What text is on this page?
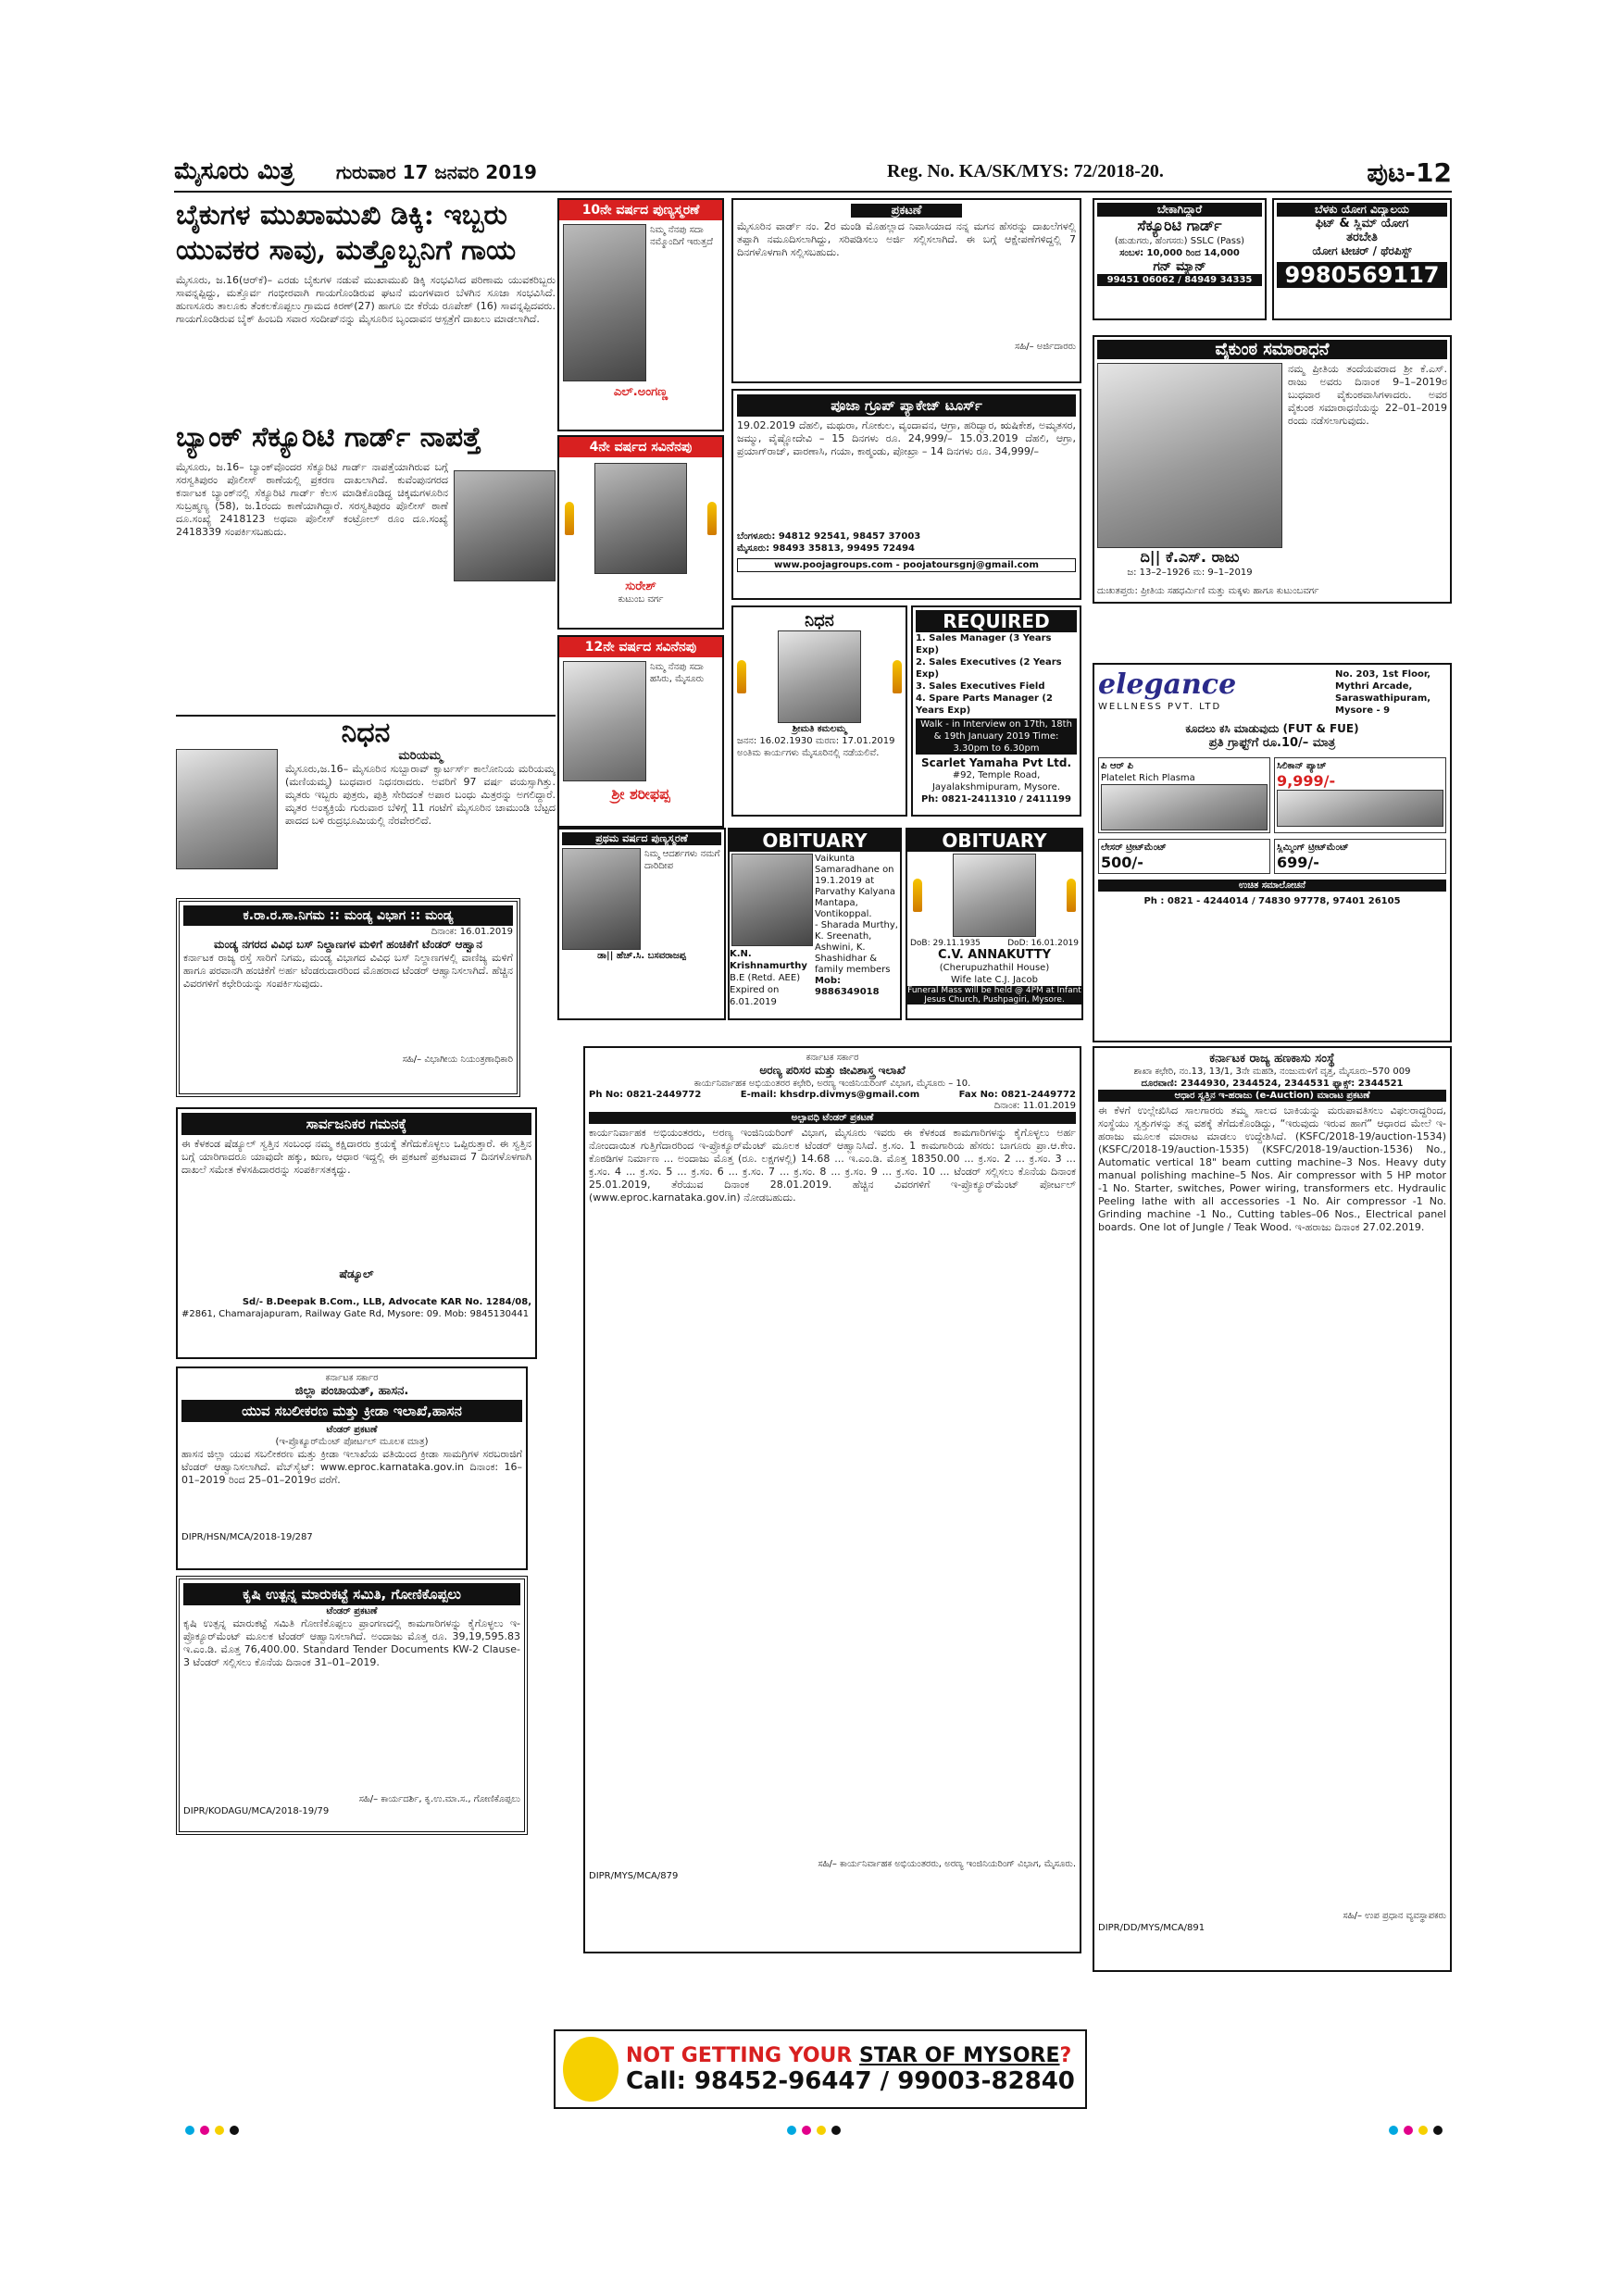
ಮೈಸೂರು ಮಿತ್ರ ಗುರುವಾರ 17 ಜನವರಿ 2019	Reg. No. KA/SK/MYS: 72/2018-20.	ಪುಟ-12
ಬೈಕುಗಳ ಮುಖಾಮುಖಿ ಡಿಕ್ಕಿ: ಇಬ್ಬರು ಯುವಕರ ಸಾವು, ಮತ್ತೊಬ್ಬನಿಗೆ ಗಾಯ
ಮೈಸೂರು, ಜ.16(ಆರ್‌ಕೆ)– ಎರಡು ಬೈಕುಗಳ ನಡುವೆ ಮುಖಾಮುಖಿ ಡಿಕ್ಕಿ ಸಂಭವಿಸಿದ ಪರಿಣಾಮ ಯುವಕರಿಬ್ಬರು ಸಾವನ್ನಪ್ಪಿದ್ದು, ಮತ್ತೊರ್ವ ಗಂಭೀರವಾಗಿ ಗಾಯಗೊಂಡಿರುವ ಘಟನೆ ಮಂಗಳವಾರ ಬೆಳಗಿನ ಸೂಜಾ ಸಂಭವಿಸಿದೆ. ಹುಣಸೂರು ತಾಲೂಕು ತೆಂಕಲಕೊಪ್ಪಲು ಗ್ರಾಮದ ಕಿರಣ್(27) ಹಾಗೂ ಬೀ ಕೆರೆಯ ರೂಪೇಶ್ (16) ಸಾವನ್ನಪ್ಪಿದವರು. ಗಾಯಗೊಂಡಿರುವ ಬೈಕ್ ಹಿಂಬದಿ ಸವಾರ ಸಂದೀಪ್‌ನನ್ನು ಮೈಸೂರಿನ ಬೃಂದಾವನ ಆಸ್ಪತ್ರೆಗೆ ದಾಖಲು ಮಾಡಲಾಗಿದೆ.
ಬ್ಯಾಂಕ್ ಸೆಕ್ಯೂರಿಟಿ ಗಾರ್ಡ್ ನಾಪತ್ತೆ
ಮೈಸೂರು, ಜ.16– ಬ್ಯಾಂಕ್‌ವೊಂದರ ಸೆಕ್ಯೂರಿಟಿ ಗಾರ್ಡ್ ನಾಪತ್ತೆಯಾಗಿರುವ ಬಗ್ಗೆ ಸರಸ್ವತಿಪುರಂ ಪೊಲೀಸ್ ಠಾಣೆಯಲ್ಲಿ ಪ್ರಕರಣ ದಾಖಲಾಗಿದೆ. ಕುವೆಂಪುನಗರದ ಕರ್ನಾಟಕ ಬ್ಯಾಂಕ್‌ನಲ್ಲಿ ಸೆಕ್ಯೂರಿಟಿ ಗಾರ್ಡ್ ಕೆಲಸ ಮಾಡಿಕೊಂಡಿದ್ದ ಚಿಕ್ಕಮಗಳೂರಿನ ಸುಬ್ರಹ್ಮಣ್ಯ (58), ಜ.1ರಂದು ಕಾಣೆಯಾಗಿದ್ದಾರೆ. ಸರಸ್ವತಿಪುರಂ ಪೊಲೀಸ್ ಠಾಣೆ ದೂ.ಸಂಖ್ಯೆ 2418123 ಅಥವಾ ಪೊಲೀಸ್ ಕಂಟ್ರೋಲ್ ರೂಂ ದೂ.ಸಂಖ್ಯೆ 2418339 ಸಂಪರ್ಕಿಸಬಹುದು.
ನಿಧನ
ಮರಿಯಮ್ಮ
ಮೈಸೂರು,ಜ.16– ಮೈಸೂರಿನ ಸುಬ್ಬಾರಾವ್ ಕ್ವಾರ್ಟರ್ಸ್ ಕಾಲೋನಿಯ ಮರಿಯಮ್ಮ (ಮಣಿಯಮ್ಮ) ಬುಧವಾರ ನಿಧನರಾದರು. ಅವರಿಗೆ 97 ವರ್ಷ ವಯಸ್ಸಾಗಿತ್ತು. ಮೃತರು ಇಬ್ಬರು ಪುತ್ರರು, ಪುತ್ರಿ ಸೇರಿದಂತೆ ಅಪಾರ ಬಂಧು ಮಿತ್ರರನ್ನು ಅಗಲಿದ್ದಾರೆ. ಮೃತರ ಅಂತ್ಯಕ್ರಿಯೆ ಗುರುವಾರ ಬೆಳಿಗ್ಗೆ 11 ಗಂಟೆಗೆ ಮೈಸೂರಿನ ಚಾಮುಂಡಿ ಬೆಟ್ಟದ ಪಾದದ ಬಳಿ ರುದ್ರಭೂಮಿಯಲ್ಲಿ ನೆರವೇರಲಿದೆ.
10ನೇ ವರ್ಷದ ಪುಣ್ಯಸ್ಮರಣೆ
ನಿಮ್ಮ ನೆನಪು ಸದಾ ನಮ್ಮೊಂದಿಗೆ ಇರುತ್ತದೆ
ಎಲ್.ಅಂಗಣ್ಣ
4ನೇ ವರ್ಷದ ಸವಿನೆನಪು
ಸುರೇಶ್
ಕುಟುಂಬ ವರ್ಗ
12ನೇ ವರ್ಷದ ಸವಿನೆನಪು
ನಿಮ್ಮ ನೆನಪು ಸದಾ ಹಸಿರು, ಮೈಸೂರು
ಶ್ರೀ ಶರೀಫಪ್ಪ
ಕ.ರಾ.ರ.ಸಾ.ನಿಗಮ :: ಮಂಡ್ಯ ವಿಭಾಗ :: ಮಂಡ್ಯ
ದಿನಾಂಕ: 16.01.2019
ಮಂಡ್ಯ ನಗರದ ವಿವಿಧ ಬಸ್ ನಿಲ್ದಾಣಗಳ ಮಳಿಗೆ ಹಂಚಿಕೆಗೆ ಟೆಂಡರ್ ಆಹ್ವಾನ
ಕರ್ನಾಟಕ ರಾಜ್ಯ ರಸ್ತೆ ಸಾರಿಗೆ ನಿಗಮ, ಮಂಡ್ಯ ವಿಭಾಗದ ವಿವಿಧ ಬಸ್ ನಿಲ್ದಾಣಗಳಲ್ಲಿ ವಾಣಿಜ್ಯ ಮಳಿಗೆ ಹಾಗೂ ಪರವಾನಗಿ ಹಂಚಿಕೆಗೆ ಅರ್ಹ ಟೆಂಡರುದಾರರಿಂದ ಮೊಹರಾದ ಟೆಂಡರ್ ಆಹ್ವಾನಿಸಲಾಗಿದೆ. ಹೆಚ್ಚಿನ ವಿವರಗಳಿಗೆ ಕಛೇರಿಯನ್ನು ಸಂಪರ್ಕಿಸುವುದು.
ಸಹಿ/– ವಿಭಾಗೀಯ ನಿಯಂತ್ರಣಾಧಿಕಾರಿ
ಸಾರ್ವಜನಿಕರ ಗಮನಕ್ಕೆ
ಈ ಕೆಳಕಂಡ ಷೆಡ್ಯೂಲ್ ಸ್ವತ್ತಿನ ಸಂಬಂಧ ನಮ್ಮ ಕಕ್ಷಿದಾರರು ಕ್ರಯಕ್ಕೆ ತೆಗೆದುಕೊಳ್ಳಲು ಒಪ್ಪಿರುತ್ತಾರೆ. ಈ ಸ್ವತ್ತಿನ ಬಗ್ಗೆ ಯಾರಿಗಾದರೂ ಯಾವುದೇ ಹಕ್ಕು, ಋಣ, ಆಧಾರ ಇದ್ದಲ್ಲಿ ಈ ಪ್ರಕಟಣೆ ಪ್ರಕಟವಾದ 7 ದಿನಗಳೊಳಗಾಗಿ ದಾಖಲೆ ಸಮೇತ ಕೆಳಸಹಿದಾರರನ್ನು ಸಂಪರ್ಕಿಸತಕ್ಕದ್ದು.
ಷೆಡ್ಯೂಲ್
Sd/- B.Deepak B.Com., LLB, Advocate KAR No. 1284/08,
#2861, Chamarajapuram, Railway Gate Rd, Mysore: 09. Mob: 9845130441
ಕರ್ನಾಟಕ ಸರ್ಕಾರ
ಜಿಲ್ಲಾ ಪಂಚಾಯತ್, ಹಾಸನ.
ಯುವ ಸಬಲೀಕರಣ ಮತ್ತು ಕ್ರೀಡಾ ಇಲಾಖೆ,ಹಾಸನ
ಟೆಂಡರ್ ಪ್ರಕಟಣೆ
(ಇ-ಪ್ರೊಕ್ಯೂರ್‌ಮೆಂಟ್ ಪೋರ್ಟಲ್ ಮೂಲಕ ಮಾತ್ರ)
ಹಾಸನ ಜಿಲ್ಲಾ ಯುವ ಸಬಲೀಕರಣ ಮತ್ತು ಕ್ರೀಡಾ ಇಲಾಖೆಯ ವತಿಯಿಂದ ಕ್ರೀಡಾ ಸಾಮಗ್ರಿಗಳ ಸರಬರಾಜಿಗೆ ಟೆಂಡರ್ ಆಹ್ವಾನಿಸಲಾಗಿದೆ. ವೆಬ್‌ಸೈಟ್: www.eproc.karnataka.gov.in ದಿನಾಂಕ: 16–01–2019 ರಿಂದ 25–01–2019ರ ವರೆಗೆ.
DIPR/HSN/MCA/2018-19/287
ಕೃಷಿ ಉತ್ಪನ್ನ ಮಾರುಕಟ್ಟೆ ಸಮಿತಿ, ಗೋಣಿಕೊಪ್ಪಲು
ಟೆಂಡರ್ ಪ್ರಕಟಣೆ
ಕೃಷಿ ಉತ್ಪನ್ನ ಮಾರುಕಟ್ಟೆ ಸಮಿತಿ ಗೋಣಿಕೊಪ್ಪಲು ಪ್ರಾಂಗಣದಲ್ಲಿ ಕಾಮಗಾರಿಗಳನ್ನು ಕೈಗೊಳ್ಳಲು ಇ-ಪ್ರೊಕ್ಯೂರ್‌ಮೆಂಟ್ ಮೂಲಕ ಟೆಂಡರ್ ಆಹ್ವಾನಿಸಲಾಗಿದೆ. ಅಂದಾಜು ಮೊತ್ತ ರೂ. 39,19,595.83 ಇ.ಎಂ.ಡಿ. ಮೊತ್ತ 76,400.00. Standard Tender Documents KW-2 Clause-3 ಟೆಂಡರ್ ಸಲ್ಲಿಸಲು ಕೊನೆಯ ದಿನಾಂಕ 31–01–2019.
ಸಹಿ/– ಕಾರ್ಯದರ್ಶಿ, ಕೃ.ಉ.ಮಾ.ಸ., ಗೋಣಿಕೊಪ್ಪಲು
DIPR/KODAGU/MCA/2018-19/79
ಪ್ರಕಟಣೆ
ಮೈಸೂರಿನ ವಾರ್ಡ್ ನಂ. 2ರ ಮಂಡಿ ಮೊಹಲ್ಲಾದ ನಿವಾಸಿಯಾದ ನನ್ನ ಮಗನ ಹೆಸರನ್ನು ದಾಖಲೆಗಳಲ್ಲಿ ತಪ್ಪಾಗಿ ನಮೂದಿಸಲಾಗಿದ್ದು, ಸರಿಪಡಿಸಲು ಅರ್ಜಿ ಸಲ್ಲಿಸಲಾಗಿದೆ. ಈ ಬಗ್ಗೆ ಆಕ್ಷೇಪಣೆಗಳಿದ್ದಲ್ಲಿ 7 ದಿನಗಳೊಳಗಾಗಿ ಸಲ್ಲಿಸಬಹುದು.
ಸಹಿ/– ಅರ್ಜಿದಾರರು
ಪೂಜಾ ಗ್ರೂಪ್ ಪ್ಯಾಕೇಜ್ ಟೂರ್ಸ್
19.02.2019 ದೆಹಲಿ, ಮಥುರಾ, ಗೋಕುಲ, ವೃಂದಾವನ, ಆಗ್ರಾ, ಹರಿದ್ವಾರ, ಋಷಿಕೇಶ, ಅಮೃತಸರ, ಜಮ್ಮು, ವೈಷ್ಣೋದೇವಿ – 15 ದಿನಗಳು ರೂ. 24,999/– 15.03.2019 ದೆಹಲಿ, ಆಗ್ರಾ, ಪ್ರಯಾಗ್‌ರಾಜ್, ವಾರಣಾಸಿ, ಗಯಾ, ಕಾಠ್ಮಂಡು, ಪೋಖ್ರಾ – 14 ದಿನಗಳು ರೂ. 34,999/–
ಬೆಂಗಳೂರು: 94812 92541, 98457 37003
ಮೈಸೂರು: 98493 35813, 99495 72494
www.poojagroups.com - poojatoursgnj@gmail.com
ನಿಧನ
ಶ್ರೀಮತಿ ಕಮಲಮ್ಮ
ಜನನ: 16.02.1930 ಮರಣ: 17.01.2019 ಅಂತಿಮ ಕಾರ್ಯಗಳು ಮೈಸೂರಿನಲ್ಲಿ ನಡೆಯಲಿವೆ.
REQUIRED
1. Sales Manager (3 Years Exp)
2. Sales Executives (2 Years Exp)
3. Sales Executives Field
4. Spare Parts Manager (2 Years Exp)
Walk - in Interview on 17th, 18th & 19th January 2019 Time: 3.30pm to 6.30pm
Scarlet Yamaha Pvt Ltd.
#92, Temple Road, Jayalakshmipuram, Mysore.
Ph: 0821-2411310 / 2411199
ಪ್ರಥಮ ವರ್ಷದ ಪುಣ್ಯಸ್ಮರಣೆ
ನಿಮ್ಮ ಆದರ್ಶಗಳು ನಮಗೆ ದಾರಿದೀಪ
ಡಾ|| ಹೆಚ್.ಸಿ. ಬಸವರಾಜಪ್ಪ
OBITUARY
K.N. Krishnamurthy
B.E (Retd. AEE)
Expired on 6.01.2019
Vaikunta Samaradhane on 19.1.2019 at Parvathy Kalyana Mantapa, Vontikoppal.
- Sharada Murthy, K. Sreenath, Ashwini, K. Shashidhar & family members
Mob: 9886349018
OBITUARY
DoB: 29.11.1935	DoD: 16.01.2019
C.V. ANNAKUTTY
(Cherupuzhathil House)
Wife late C.J. Jacob
Funeral Mass will be held @ 4PM at Infant Jesus Church, Pushpagiri, Mysore.
ಬೇಕಾಗಿದ್ದಾರೆ
ಸೆಕ್ಯೂರಿಟಿ ಗಾರ್ಡ್
(ಹುಡುಗರು, ಹೆಂಗಸರು) SSLC (Pass)
ಸಂಬಳ: 10,000 ರಿಂದ 14,000
ಗನ್ ಮ್ಯಾನ್
99451 06062 / 84949 34335
ಬೆಳಕು ಯೋಗ ವಿದ್ಯಾಲಯ
ಫಿಟ್ & ಸ್ಲಿಮ್ ಯೋಗ
ತರಬೇತಿ
ಯೋಗ ಟೀಚರ್ / ಥೆರಪಿಸ್ಟ್
9980569117
ವೈಕುಂಠ ಸಮಾರಾಧನೆ
ದಿ|| ಕೆ.ಎಸ್. ರಾಜು
ಜ: 13–2–1926 ಮ: 9–1–2019
ನಮ್ಮ ಪ್ರೀತಿಯ ತಂದೆಯವರಾದ ಶ್ರೀ ಕೆ.ಎಸ್. ರಾಜು ಅವರು ದಿನಾಂಕ 9–1–2019ರ ಬುಧವಾರ ವೈಕುಂಠವಾಸಿಗಳಾದರು. ಅವರ ವೈಕುಂಠ ಸಮಾರಾಧನೆಯನ್ನು 22–01–2019 ರಂದು ನಡೆಸಲಾಗುವುದು.
ದುಃಖತಪ್ತರು: ಪ್ರೀತಿಯ ಸಹಧರ್ಮಿಣಿ ಮತ್ತು ಮಕ್ಕಳು ಹಾಗೂ ಕುಟುಂಬವರ್ಗ
elegance
WELLNESS PVT. LTD
No. 203, 1st Floor, Mythri Arcade, Saraswathipuram, Mysore - 9
ಕೂದಲು ಕಸಿ ಮಾಡುವುದು (FUT & FUE)
ಪ್ರತಿ ಗ್ರಾಫ್ಟ್‌ಗೆ ರೂ.10/– ಮಾತ್ರ
ಪಿ ಆರ್ ಪಿ
Platelet Rich Plasma
ಸಿಲಿಕಾನ್ ಪ್ಯಾಚ್
9,999/-
ಲೇಸರ್ ಟ್ರೀಟ್‌ಮೆಂಟ್
500/-
ಸ್ಲಿಮ್ಮಿಂಗ್ ಟ್ರೀಟ್‌ಮೆಂಟ್
699/-
ಉಚಿತ ಸಮಾಲೋಚನೆ
Ph : 0821 - 4244014 / 74830 97778, 97401 26105
ಕರ್ನಾಟಕ ಸರ್ಕಾರ
ಅರಣ್ಯ ಪರಿಸರ ಮತ್ತು ಜೀವಿಶಾಸ್ತ್ರ ಇಲಾಖೆ
ಕಾರ್ಯನಿರ್ವಾಹಕ ಅಭಿಯಂತರರ ಕಛೇರಿ, ಅರಣ್ಯ ಇಂಜಿನಿಯರಿಂಗ್ ವಿಭಾಗ, ಮೈಸೂರು – 10.
Ph No: 0821-2449772	E-mail: khsdrp.divmys@gmail.com	Fax No: 0821-2449772
ದಿನಾಂಕ: 11.01.2019
ಅಲ್ಪಾವಧಿ ಟೆಂಡರ್ ಪ್ರಕಟಣೆ
ಕಾರ್ಯನಿರ್ವಾಹಕ ಅಭಿಯಂತರರು, ಅರಣ್ಯ ಇಂಜಿನಿಯರಿಂಗ್ ವಿಭಾಗ, ಮೈಸೂರು ಇವರು ಈ ಕೆಳಕಂಡ ಕಾಮಗಾರಿಗಳನ್ನು ಕೈಗೊಳ್ಳಲು ಅರ್ಹ ನೋಂದಾಯಿತ ಗುತ್ತಿಗೆದಾರರಿಂದ ಇ-ಪ್ರೊಕ್ಯೂರ್‌ಮೆಂಟ್ ಮೂಲಕ ಟೆಂಡರ್ ಆಹ್ವಾನಿಸಿದೆ. ಕ್ರ.ಸಂ. 1 ಕಾಮಗಾರಿಯ ಹೆಸರು: ಬಾಗೂರು ಪ್ರಾ.ಆ.ಕೇಂ. ಕೊಠಡಿಗಳ ನಿರ್ಮಾಣ ... ಅಂದಾಜು ಮೊತ್ತ (ರೂ. ಲಕ್ಷಗಳಲ್ಲಿ) 14.68 ... ಇ.ಎಂ.ಡಿ. ಮೊತ್ತ 18350.00 ... ಕ್ರ.ಸಂ. 2 ... ಕ್ರ.ಸಂ. 3 ... ಕ್ರ.ಸಂ. 4 ... ಕ್ರ.ಸಂ. 5 ... ಕ್ರ.ಸಂ. 6 ... ಕ್ರ.ಸಂ. 7 ... ಕ್ರ.ಸಂ. 8 ... ಕ್ರ.ಸಂ. 9 ... ಕ್ರ.ಸಂ. 10 ... ಟೆಂಡರ್ ಸಲ್ಲಿಸಲು ಕೊನೆಯ ದಿನಾಂಕ 25.01.2019, ತೆರೆಯುವ ದಿನಾಂಕ 28.01.2019. ಹೆಚ್ಚಿನ ವಿವರಗಳಿಗೆ ಇ-ಪ್ರೊಕ್ಯೂರ್‌ಮೆಂಟ್ ಪೋರ್ಟಲ್ (www.eproc.karnataka.gov.in) ನೋಡಬಹುದು.
ಸಹಿ/– ಕಾರ್ಯನಿರ್ವಾಹಕ ಅಭಿಯಂತರರು, ಅರಣ್ಯ ಇಂಜಿನಿಯರಿಂಗ್ ವಿಭಾಗ, ಮೈಸೂರು.
DIPR/MYS/MCA/879
ಕರ್ನಾಟಕ ರಾಜ್ಯ ಹಣಕಾಸು ಸಂಸ್ಥೆ
ಶಾಖಾ ಕಛೇರಿ, ನಂ.13, 13/1, 3ನೇ ಮಹಡಿ, ನಂಜುಮಳಿಗೆ ವೃತ್ತ, ಮೈಸೂರು–570 009
ದೂರವಾಣಿ: 2344930, 2344524, 2344531 ಫ್ಯಾಕ್ಸ್: 2344521
ಆಧಾರ ಸ್ವತ್ತಿನ ಇ-ಹರಾಜು (e-Auction) ಮಾರಾಟ ಪ್ರಕಟಣೆ
ಈ ಕೆಳಗೆ ಉಲ್ಲೇಖಿಸಿದ ಸಾಲಗಾರರು ತಮ್ಮ ಸಾಲದ ಬಾಕಿಯನ್ನು ಮರುಪಾವತಿಸಲು ವಿಫಲರಾದ್ದರಿಂದ, ಸಂಸ್ಥೆಯು ಸ್ವತ್ತುಗಳನ್ನು ತನ್ನ ವಶಕ್ಕೆ ತೆಗೆದುಕೊಂಡಿದ್ದು, “ಇರುವುದು ಇರುವ ಹಾಗೆ” ಆಧಾರದ ಮೇಲೆ ಇ-ಹರಾಜು ಮೂಲಕ ಮಾರಾಟ ಮಾಡಲು ಉದ್ದೇಶಿಸಿದೆ. (KSFC/2018-19/auction-1534) (KSFC/2018-19/auction-1535) (KSFC/2018-19/auction-1536) No., Automatic vertical 18" beam cutting machine–3 Nos. Heavy duty manual polishing machine–5 Nos. Air compressor with 5 HP motor -1 No. Starter, switches, Power wiring, transformers etc. Hydraulic Peeling lathe with all accessories -1 No. Air compressor -1 No. Grinding machine -1 No., Cutting tables–06 Nos., Electrical panel boards. One lot of Jungle / Teak Wood. ಇ-ಹರಾಜು ದಿನಾಂಕ 27.02.2019.
ಸಹಿ/– ಉಪ ಪ್ರಧಾನ ವ್ಯವಸ್ಥಾಪಕರು
DIPR/DD/MYS/MCA/891
NOT GETTING YOUR STAR OF MYSORE?
Call: 98452-96447 / 99003-82840
